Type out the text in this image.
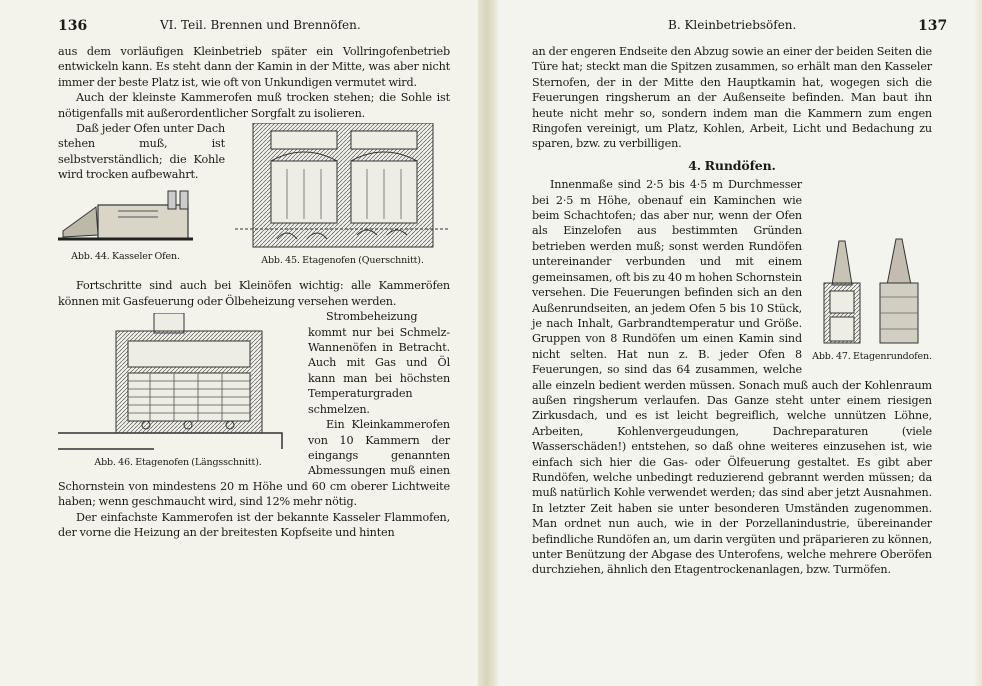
136	VI. Teil. Brennen und Brennöfen.

aus dem vorläufigen Kleinbetrieb später ein Vollringofenbetrieb entwickeln kann. Es steht dann der Kamin in der Mitte, was aber nicht immer der beste Platz ist, wie oft von Unkundigen vermutet wird.

Auch der kleinste Kammerofen muß trocken stehen; die Sohle ist nötigenfalls mit außerordentlicher Sorgfalt zu isolieren.

Abb. 45. Etagenofen (Querschnitt).

Daß jeder Ofen unter Dach stehen muß, ist selbstverständlich; die Kohle wird trocken aufbewahrt.

Abb. 44. Kasseler Ofen.

Fortschritte sind auch bei Kleinöfen wichtig: alle Kammeröfen können mit Gasfeuerung oder Ölbeheizung versehen werden.

Abb. 46. Etagenofen (Längsschnitt).

Strombeheizung kommt nur bei Schmelz-Wannenöfen in Betracht. Auch mit Gas und Öl kann man bei höchsten Temperaturgraden schmelzen.

Ein Kleinkammerofen von 10 Kammern der eingangs genannten Abmessungen muß einen Schornstein von mindestens 20 m Höhe und 60 cm oberer Lichtweite haben; wenn geschmaucht wird, sind 12% mehr nötig.

Der einfachste Kammerofen ist der bekannte Kasseler Flammofen, der vorne die Heizung an der breitesten Kopfseite und hinten

B. Kleinbetriebsöfen.	137

an der engeren Endseite den Abzug sowie an einer der beiden Seiten die Türe hat; steckt man die Spitzen zusammen, so erhält man den Kasseler Sternofen, der in der Mitte den Hauptkamin hat, wogegen sich die Feuerungen ringsherum an der Außenseite befinden. Man baut ihn heute nicht mehr so, sondern indem man die Kammern zum engen Ringofen vereinigt, um Platz, Kohlen, Arbeit, Licht und Bedachung zu sparen, bzw. zu verbilligen.

4. Rundöfen.
Abb. 47. Etagenrundofen.

Innenmaße sind 2·5 bis 4·5 m Durchmesser bei 2·5 m Höhe, obenauf ein Kaminchen wie beim Schachtofen; das aber nur, wenn der Ofen als Einzelofen aus bestimmten Gründen betrieben werden muß; sonst werden Rundöfen untereinander verbunden und mit einem gemeinsamen, oft bis zu 40 m hohen Schornstein versehen. Die Feuerungen befinden sich an den Außenrundseiten, an jedem Ofen 5 bis 10 Stück, je nach Inhalt, Garbrandtemperatur und Größe. Gruppen von 8 Rundöfen um einen Kamin sind nicht selten. Hat nun z. B. jeder Ofen 8 Feuerungen, so sind das 64 zusammen, welche alle einzeln bedient werden müssen. Sonach muß auch der Kohlenraum außen ringsherum verlaufen. Das Ganze steht unter einem riesigen Zirkusdach, und es ist leicht begreiflich, welche unnützen Löhne, Arbeiten, Kohlenvergeudungen, Dachreparaturen (viele Wasserschäden!) entstehen, so daß ohne weiteres einzusehen ist, wie einfach sich hier die Gas- oder Ölfeuerung gestaltet. Es gibt aber Rundöfen, welche unbedingt reduzierend gebrannt werden müssen; da muß natürlich Kohle verwendet werden; das sind aber jetzt Ausnahmen. In letzter Zeit haben sie unter besonderen Umständen zugenommen. Man ordnet nun auch, wie in der Porzellanindustrie, übereinander befindliche Rundöfen an, um darin vergüten und präparieren zu können, unter Benützung der Abgase des Unterofens, welche mehrere Oberöfen durchziehen, ähnlich den Etagentrockenanlagen, bzw. Turmöfen.
